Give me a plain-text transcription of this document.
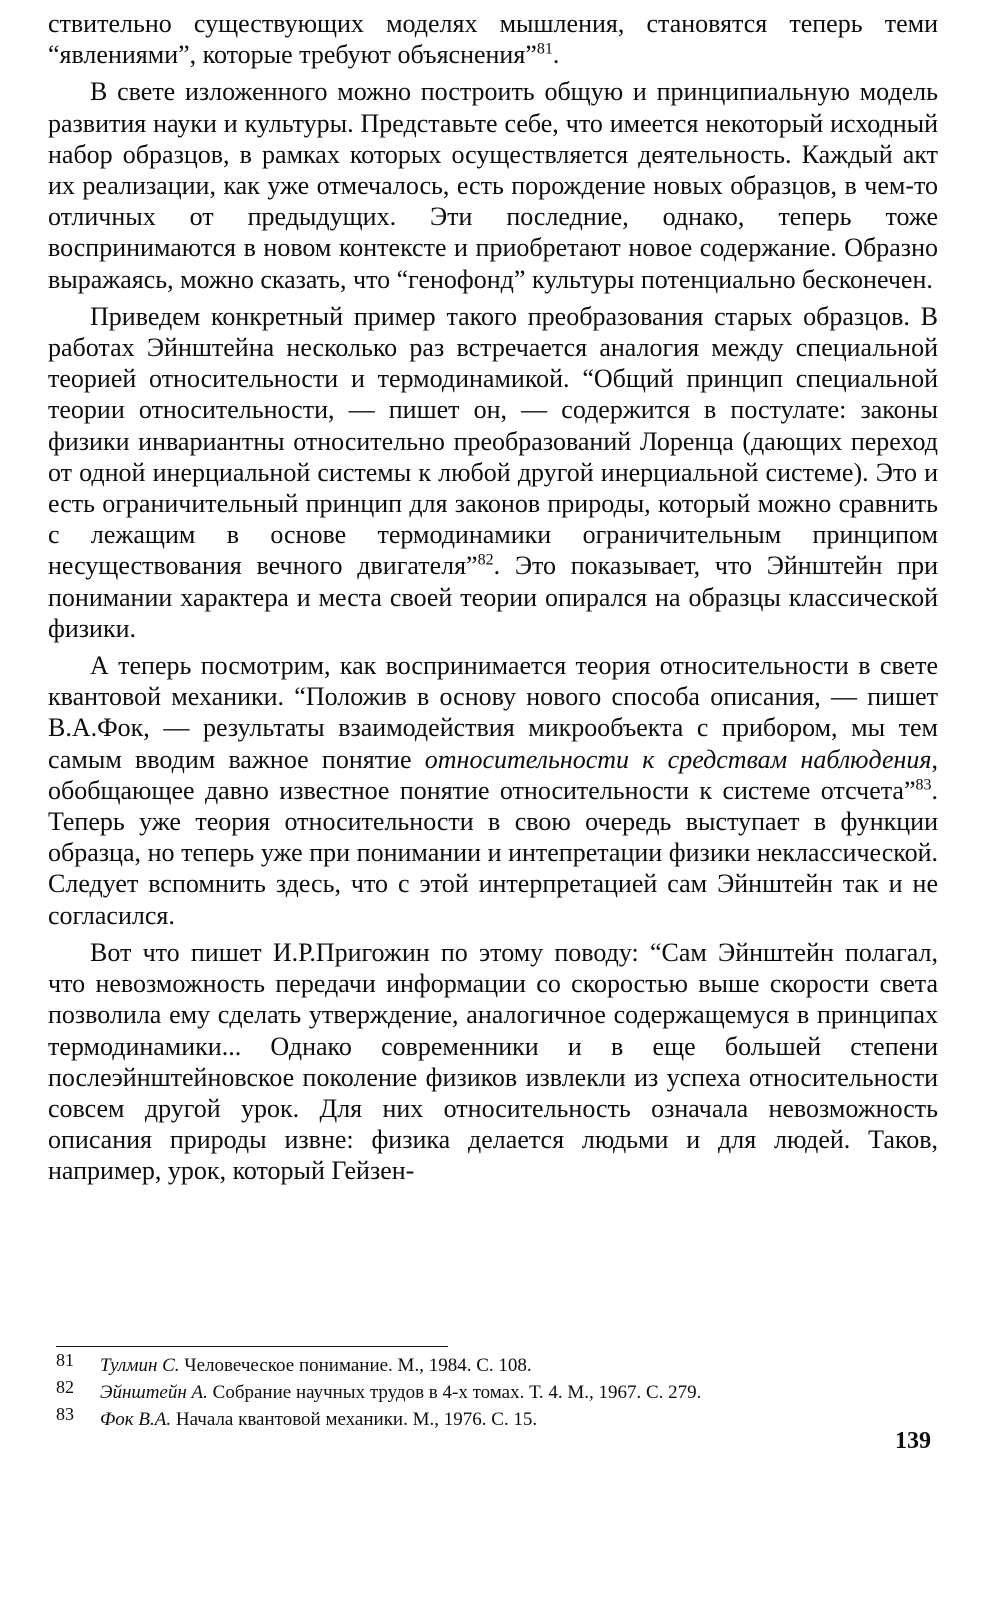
ствительно существующих моделях мышления, становятся теперь теми “явлениями”, которые требуют объяснения”$^{81}$.

В свете изложенного можно построить общую и принципиальную модель развития науки и культуры. Представьте себе, что имеется некоторый исходный набор образцов, в рамках которых осуществляется деятельность. Каждый акт их реализации, как уже отмечалось, есть порождение новых образцов, в чем-то отличных от предыдущих. Эти последние, однако, теперь тоже воспринимаются в новом контексте и приобретают новое содержание. Образно выражаясь, можно сказать, что “генофонд” культуры потенциально бесконечен.

Приведем конкретный пример такого преобразования старых образцов. В работах Эйнштейна несколько раз встречается аналогия между специальной теорией относительности и термодинамикой. “Общий принцип специальной теории относительности, — пишет он, — содержится в постулате: законы физики инвариантны относительно преобразований Лоренца (дающих переход от одной инерциальной системы к любой другой инерциальной системе). Это и есть ограничительный принцип для законов природы, который можно сравнить с лежащим в основе термодинамики ограничительным принципом несуществования вечного двигателя”$^{82}$. Это показывает, что Эйнштейн при понимании характера и места своей теории опирался на образцы классической физики.

А теперь посмотрим, как воспринимается теория относительности в свете квантовой механики. “Положив в основу нового способа описания, — пишет В.А.Фок, — результаты взаимодействия микрообъекта с прибором, мы тем самым вводим важное понятие относительности к средствам наблюдения, обобщающее давно известное понятие относительности к системе отсчета”$^{83}$. Теперь уже теория относительности в свою очередь выступает в функции образца, но теперь уже при понимании и интепретации физики неклассической. Следует вспомнить здесь, что с этой интерпретацией сам Эйнштейн так и не согласился.

Вот что пишет И.Р.Пригожин по этому поводу: “Сам Эйнштейн полагал, что невозможность передачи информации со скоростью выше скорости света позволила ему сделать утверждение, аналогичное содержащемуся в принципах термодинамики... Однако современники и в еще большей степени послеэйнштейновское поколение физиков извлекли из успеха относительности совсем другой урок. Для них относительность означала невозможность описания природы извне: физика делается людьми и для людей. Таков, например, урок, который Гейзен-

81 Тулмин С. Человеческое понимание. М., 1984. С. 108.
82 Эйнштейн А. Собрание научных трудов в 4-х томах. Т. 4. М., 1967. С. 279.
83 Фок В.А. Начала квантовой механики. М., 1976. С. 15.
139
